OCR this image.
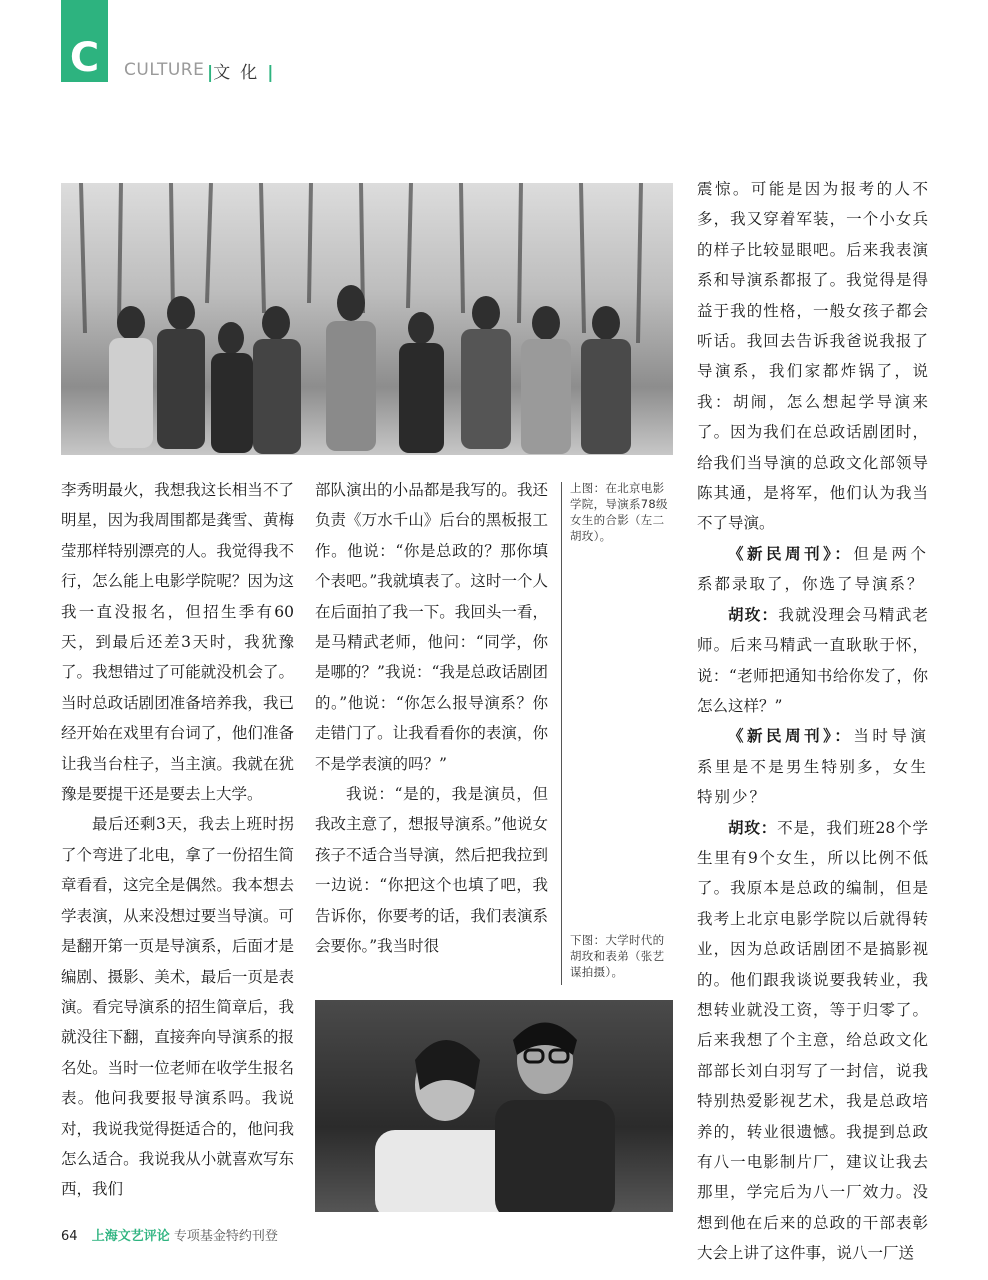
C CULTURE |文化|

李秀明最火，我想我这长相当不了明星，因为我周围都是龚雪、黄梅莹那样特别漂亮的人。我觉得我不行，怎么能上电影学院呢？因为这我一直没报名，但招生季有60天，到最后还差3天时，我犹豫了。我想错过了可能就没机会了。当时总政话剧团准备培养我，我已经开始在戏里有台词了，他们准备让我当台柱子，当主演。我就在犹豫是要提干还是要去上大学。

最后还剩3天，我去上班时拐了个弯进了北电，拿了一份招生简章看看，这完全是偶然。我本想去学表演，从来没想过要当导演。可是翻开第一页是导演系，后面才是编剧、摄影、美术，最后一页是表演。看完导演系的招生简章后，我就没往下翻，直接奔向导演系的报名处。当时一位老师在收学生报名表。他问我要报导演系吗。我说对，我说我觉得挺适合的，他问我怎么适合。我说我从小就喜欢写东西，我们

部队演出的小品都是我写的。我还负责《万水千山》后台的黑板报工作。他说：“你是总政的？那你填个表吧。”我就填表了。这时一个人在后面拍了我一下。我回头一看，是马精武老师，他问：“同学，你是哪的？”我说：“我是总政话剧团的。”他说：“你怎么报导演系？你走错门了。让我看看你的表演，你不是学表演的吗？”

我说：“是的，我是演员，但我改主意了，想报导演系。”他说女孩子不适合当导演，然后把我拉到一边说：“你把这个也填了吧，我告诉你，你要考的话，我们表演系会要你。”我当时很

上图：在北京电影学院，导演系78级女生的合影（左二胡玫）。
下图：大学时代的胡玫和表弟（张艺谋拍摄）。

震惊。可能是因为报考的人不多，我又穿着军装，一个小女兵的样子比较显眼吧。后来我表演系和导演系都报了。我觉得是得益于我的性格，一般女孩子都会听话。我回去告诉我爸说我报了导演系，我们家都炸锅了，说我：胡闹，怎么想起学导演来了。因为我们在总政话剧团时，给我们当导演的总政文化部领导陈其通，是将军，他们认为我当不了导演。

《新民周刊》：但是两个系都录取了，你选了导演系？

胡玫：我就没理会马精武老师。后来马精武一直耿耿于怀，说：“老师把通知书给你发了，你怎么这样？”

《新民周刊》：当时导演系里是不是男生特别多，女生特别少？

胡玫：不是，我们班28个学生里有9个女生，所以比例不低了。我原本是总政的编制，但是我考上北京电影学院以后就得转业，因为总政话剧团不是搞影视的。他们跟我谈说要我转业，我想转业就没工资，等于归零了。后来我想了个主意，给总政文化部部长刘白羽写了一封信，说我特别热爱影视艺术，我是总政培养的，转业很遗憾。我提到总政有八一电影制片厂，建议让我去那里，学完后为八一厂效力。没想到他在后来的总政的干部表彰大会上讲了这件事，说八一厂送

64 上海文艺评论 专项基金特约刊登
